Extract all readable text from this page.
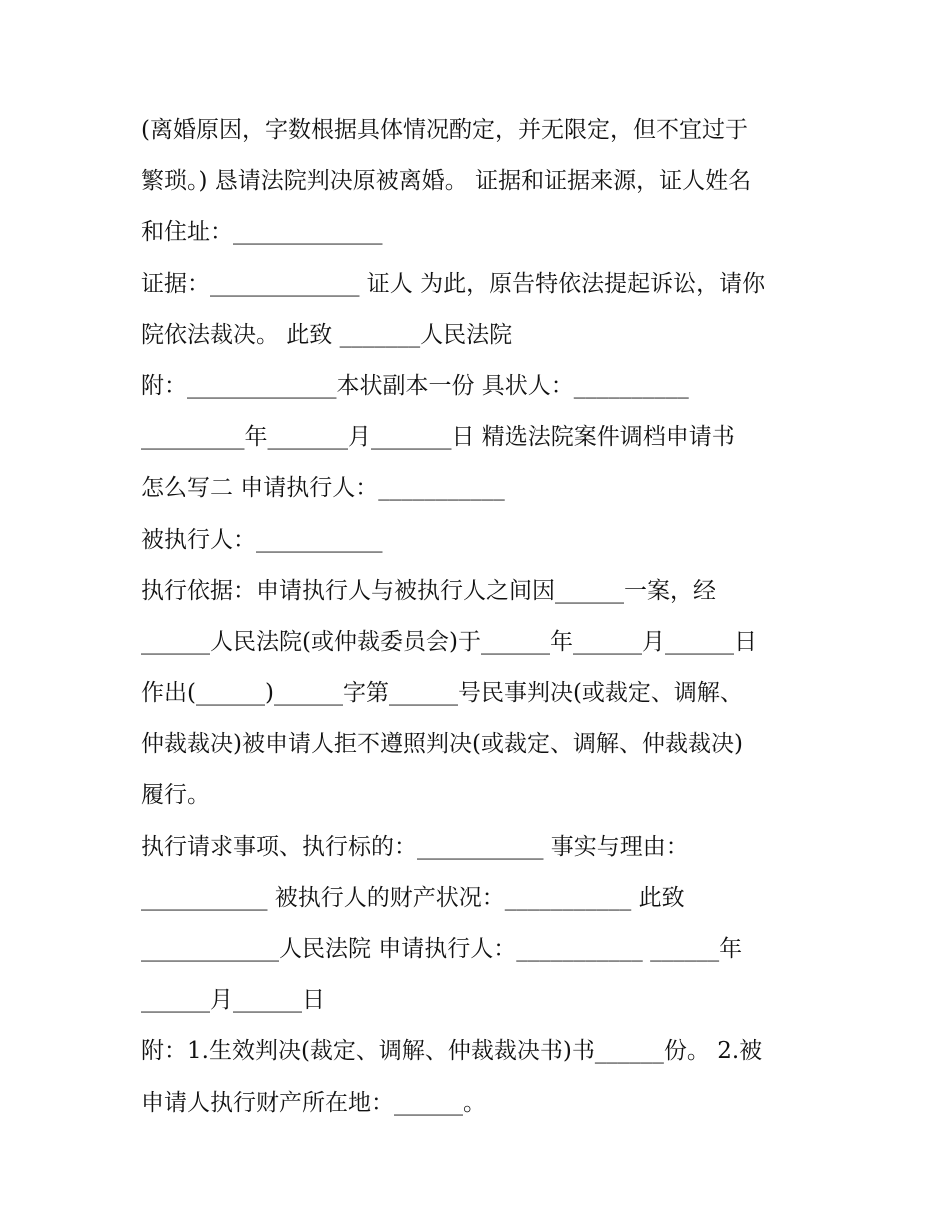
(离婚原因，字数根据具体情况酌定，并无限定，但不宜过于
繁琐。) 恳请法院判决原被离婚。 证据和证据来源，证人姓名
和住址：_____________
证据：_____________ 证人 为此，原告特依法提起诉讼，请你
院依法裁决。 此致 _______人民法院
附：_____________本状副本一份 具状人：__________
_________年_______月_______日 精选法院案件调档申请书
怎么写二 申请执行人：___________
被执行人：___________
执行依据：申请执行人与被执行人之间因______一案，经
______人民法院(或仲裁委员会)于______年______月______日
作出(______)______字第______号民事判决(或裁定、调解、
仲裁裁决)被申请人拒不遵照判决(或裁定、调解、仲裁裁决)
履行。
执行请求事项、执行标的：___________ 事实与理由：
___________ 被执行人的财产状况：___________ 此致
____________人民法院 申请执行人：___________ ______年
______月______日
附：1.生效判决(裁定、调解、仲裁裁决书)书______份。 2.被
申请人执行财产所在地：______。
